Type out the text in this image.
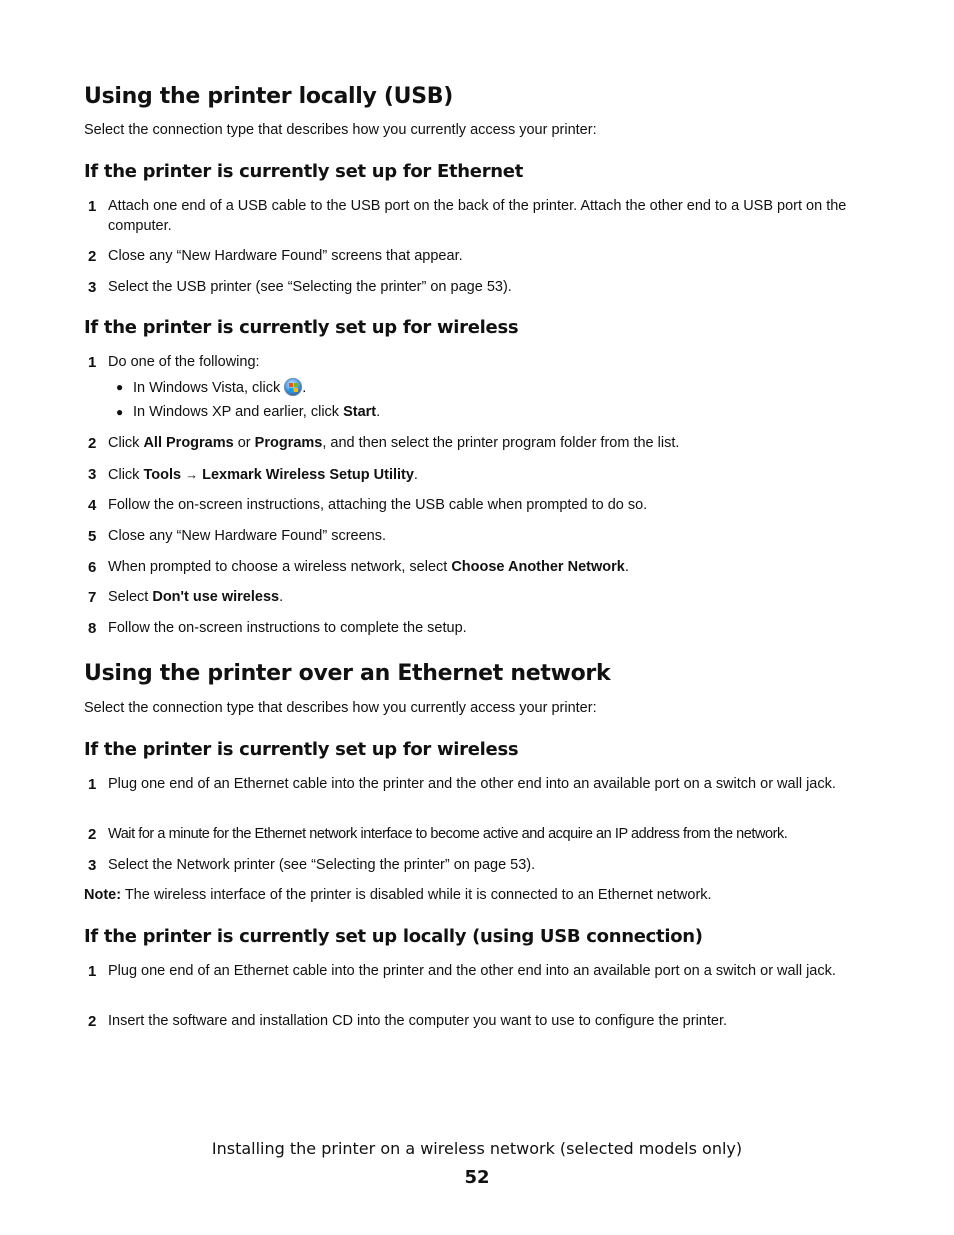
Using the printer locally (USB)

Select the connection type that describes how you currently access your printer:

If the printer is currently set up for Ethernet
1 Attach one end of a USB cable to the USB port on the back of the printer. Attach the other end to a USB port on the computer.
2 Close any “New Hardware Found” screens that appear.
3 Select the USB printer (see “Selecting the printer” on page 53).
If the printer is currently set up for wireless
1 Do one of the following:
● In Windows Vista, click
.
● In Windows XP and earlier, click Start.
2 Click All Programs or Programs, and then select the printer program folder from the list.
3 Click Tools → Lexmark Wireless Setup Utility.
4 Follow the on-screen instructions, attaching the USB cable when prompted to do so.
5 Close any “New Hardware Found” screens.
6 When prompted to choose a wireless network, select Choose Another Network.
7 Select Don't use wireless.
8 Follow the on-screen instructions to complete the setup.
Using the printer over an Ethernet network

Select the connection type that describes how you currently access your printer:

If the printer is currently set up for wireless
1 Plug one end of an Ethernet cable into the printer and the other end into an available port on a switch or wall jack.
2 Wait for a minute for the Ethernet network interface to become active and acquire an IP address from the network.
3 Select the Network printer (see “Selecting the printer” on page 53).

Note: The wireless interface of the printer is disabled while it is connected to an Ethernet network.

If the printer is currently set up locally (using USB connection)
1 Plug one end of an Ethernet cable into the printer and the other end into an available port on a switch or wall jack.
2 Insert the software and installation CD into the computer you want to use to configure the printer.
Installing the printer on a wireless network (selected models only)
52
